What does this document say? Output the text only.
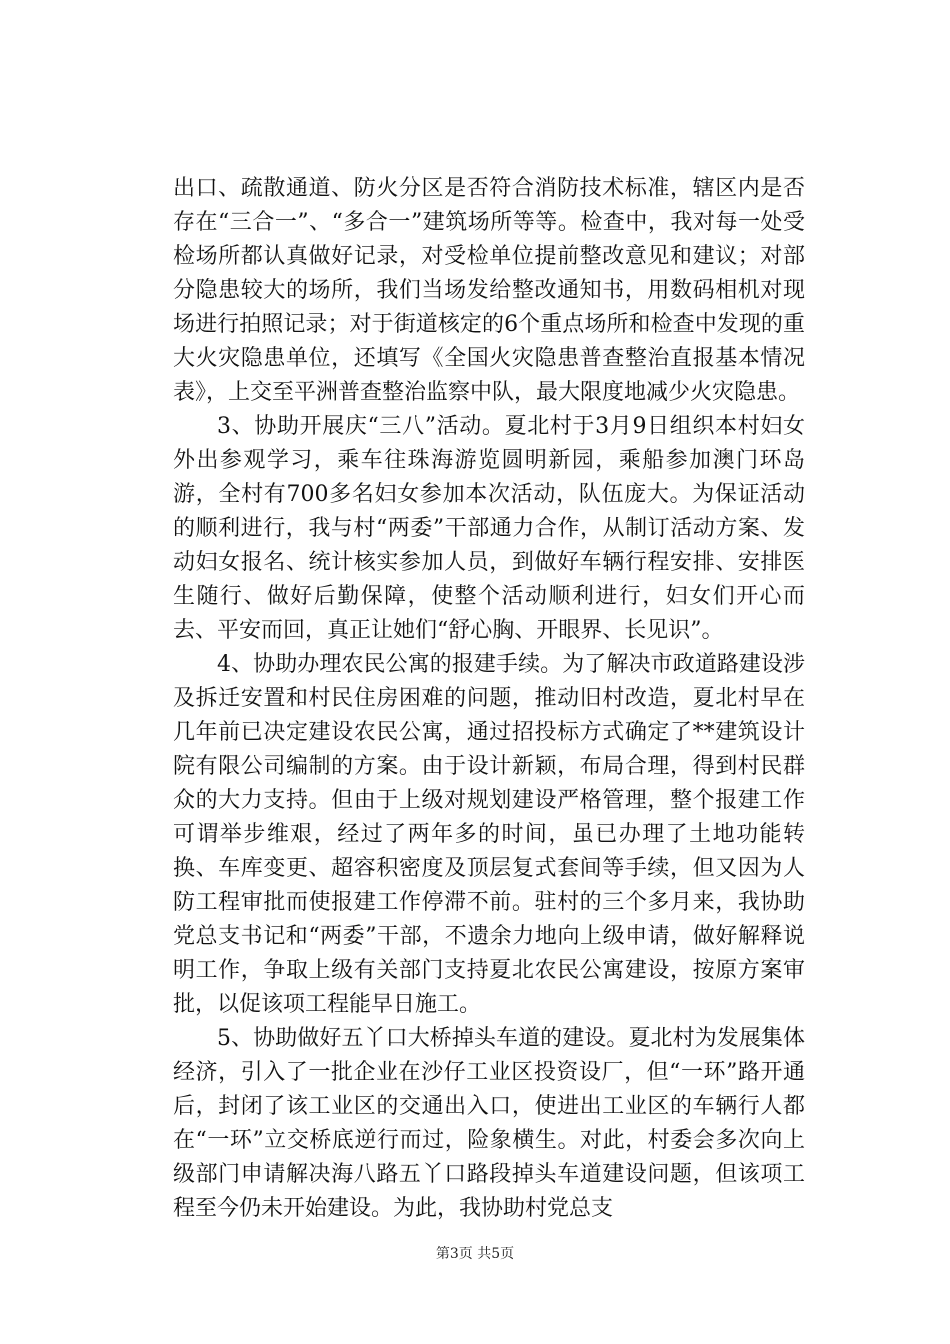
出口、疏散通道、防火分区是否符合消防技术标准，辖区内是否存在“三合一”、“多合一”建筑场所等等。检查中，我对每一处受检场所都认真做好记录，对受检单位提前整改意见和建议；对部分隐患较大的场所，我们当场发给整改通知书，用数码相机对现场进行拍照记录；对于街道核定的6个重点场所和检查中发现的重大火灾隐患单位，还填写《全国火灾隐患普查整治直报基本情况表》，上交至平洲普查整治监察中队，最大限度地减少火灾隐患。

3、协助开展庆“三八”活动。夏北村于3月9日组织本村妇女外出参观学习，乘车往珠海游览圆明新园，乘船参加澳门环岛游，全村有700多名妇女参加本次活动，队伍庞大。为保证活动的顺利进行，我与村“两委”干部通力合作，从制订活动方案、发动妇女报名、统计核实参加人员，到做好车辆行程安排、安排医生随行、做好后勤保障，使整个活动顺利进行，妇女们开心而去、平安而回，真正让她们“舒心胸、开眼界、长见识”。

4、协助办理农民公寓的报建手续。为了解决市政道路建设涉及拆迁安置和村民住房困难的问题，推动旧村改造，夏北村早在几年前已决定建设农民公寓，通过招投标方式确定了**建筑设计院有限公司编制的方案。由于设计新颖，布局合理，得到村民群众的大力支持。但由于上级对规划建设严格管理，整个报建工作可谓举步维艰，经过了两年多的时间，虽已办理了土地功能转换、车库变更、超容积密度及顶层复式套间等手续，但又因为人防工程审批而使报建工作停滞不前。驻村的三个多月来，我协助党总支书记和“两委”干部，不遗余力地向上级申请，做好解释说明工作，争取上级有关部门支持夏北农民公寓建设，按原方案审批，以促该项工程能早日施工。

5、协助做好五丫口大桥掉头车道的建设。夏北村为发展集体经济，引入了一批企业在沙仔工业区投资设厂，但“一环”路开通后，封闭了该工业区的交通出入口，使进出工业区的车辆行人都在“一环”立交桥底逆行而过，险象横生。对此，村委会多次向上级部门申请解决海八路五丫口路段掉头车道建设问题，但该项工程至今仍未开始建设。为此，我协助村党总支

第3页 共5页
